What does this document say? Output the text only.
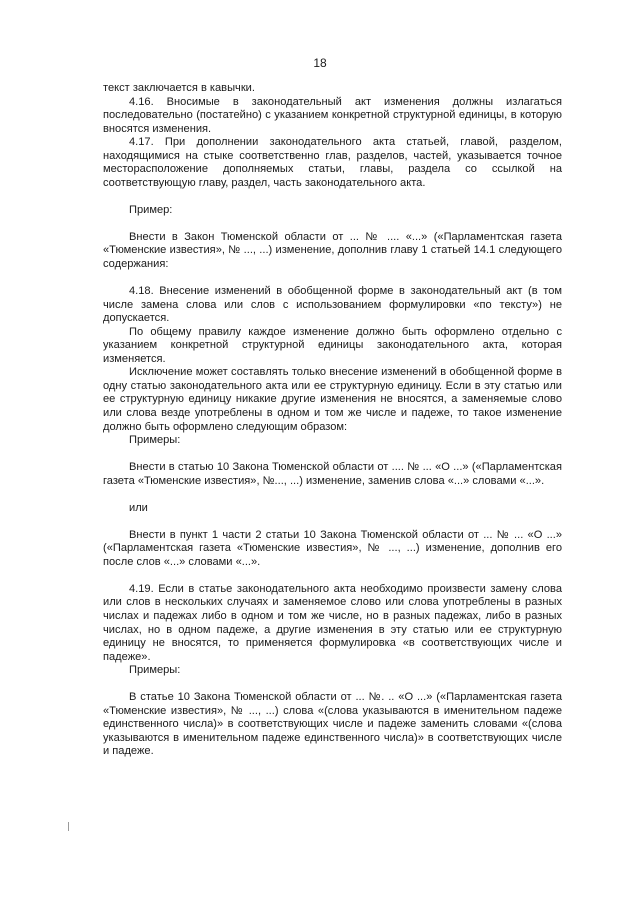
18

текст заключается в кавычки.

4.16. Вносимые в законодательный акт изменения должны излагаться последовательно (постатейно) с указанием конкретной структурной единицы, в которую вносятся изменения.

4.17. При дополнении законодательного акта статьей, главой, разделом, находящимися на стыке соответственно глав, разделов, частей, указывается точное месторасположение дополняемых статьи, главы, раздела со ссылкой на соответствующую главу, раздел, часть законодательного акта.

Пример:

Внести в Закон Тюменской области от ... № .... «...» («Парламентская газета «Тюменские известия», № ..., ...) изменение, дополнив главу 1 статьей 14.1 следующего содержания:

4.18. Внесение изменений в обобщенной форме в законодательный акт (в том числе замена слова или слов с использованием формулировки «по тексту») не допускается.

По общему правилу каждое изменение должно быть оформлено отдельно с указанием конкретной структурной единицы законодательного акта, которая изменяется.

Исключение может составлять только внесение изменений в обобщенной форме в одну статью законодательного акта или ее структурную единицу. Если в эту статью или ее структурную единицу никакие другие изменения не вносятся, а заменяемые слово или слова везде употреблены в одном и том же числе и падеже, то такое изменение должно быть оформлено следующим образом:

Примеры:

Внести в статью 10 Закона Тюменской области от .... № ... «О ...» («Парламентская газета «Тюменские известия», №..., ...) изменение, заменив слова «...» словами «...».

или

Внести в пункт 1 части 2 статьи 10 Закона Тюменской области от ... № ... «О ...» («Парламентская газета «Тюменские известия», № ..., ...) изменение, дополнив его после слов «...» словами «...».

4.19. Если в статье законодательного акта необходимо произвести замену слова или слов в нескольких случаях и заменяемое слово или слова употреблены в разных числах и падежах либо в одном и том же числе, но в разных падежах, либо в разных числах, но в одном падеже, а другие изменения в эту статью или ее структурную единицу не вносятся, то применяется формулировка «в соответствующих числе и падеже».

Примеры:

В статье 10 Закона Тюменской области от ... №. .. «О ...» («Парламентская газета «Тюменские известия», № ..., ...) слова «(слова указываются в именительном падеже единственного числа)» в соответствующих числе и падеже заменить словами «(слова указываются в именительном падеже единственного числа)» в соответствующих числе и падеже.
